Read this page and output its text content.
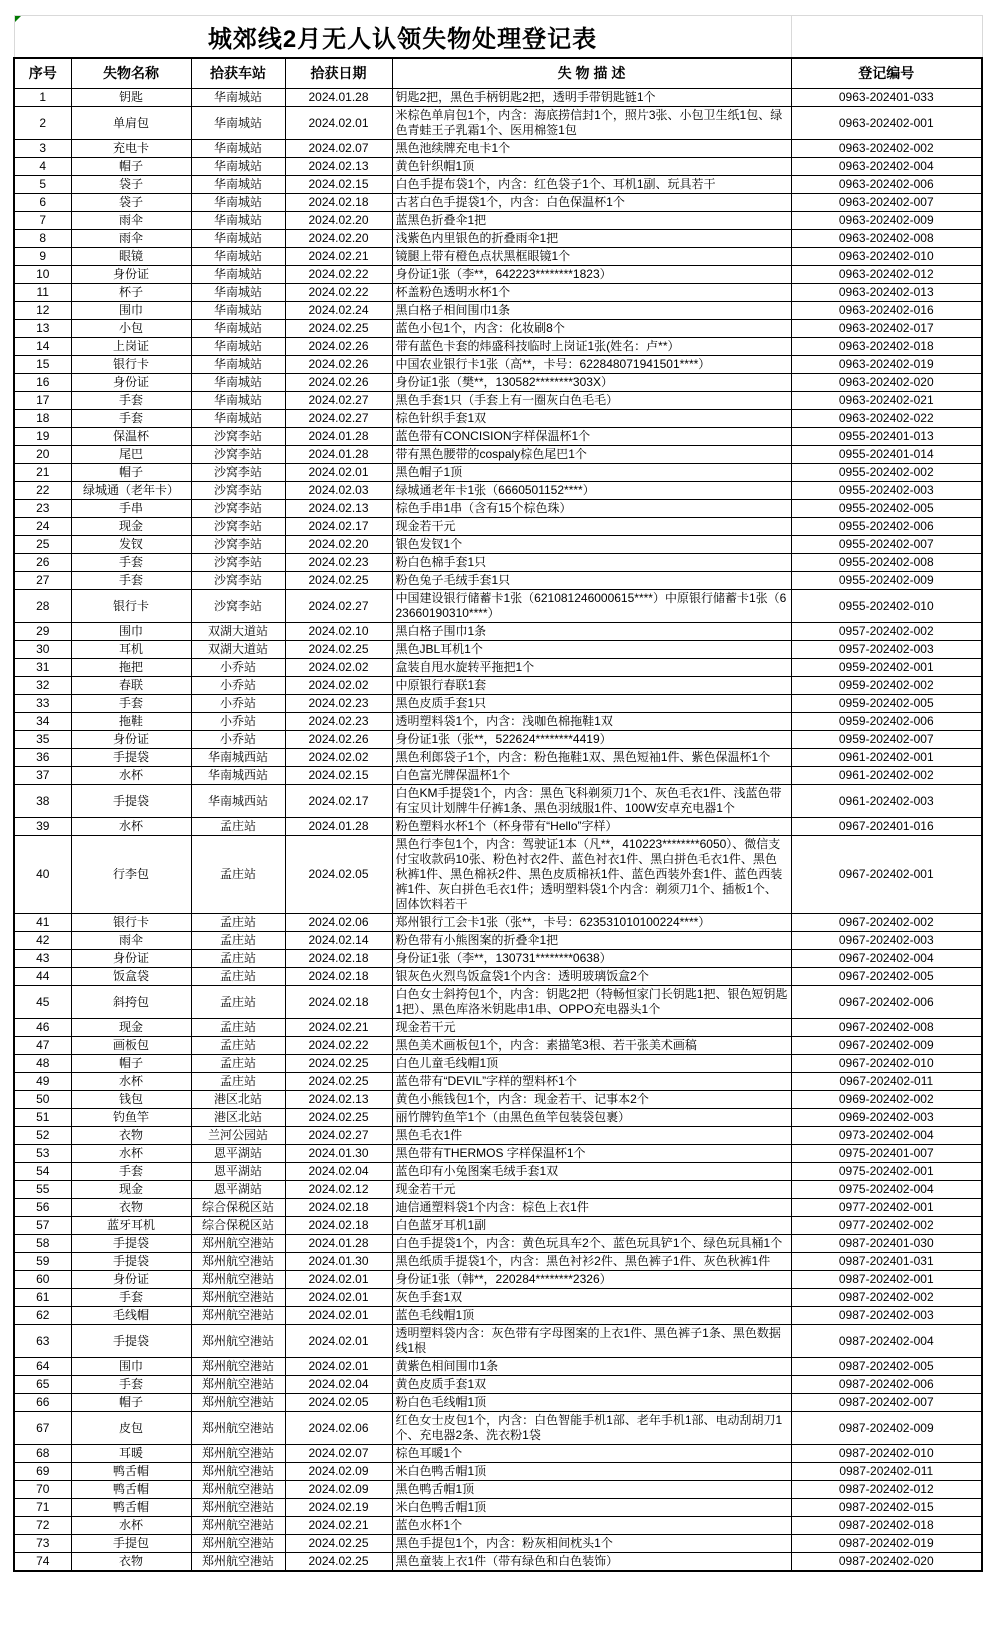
城郊线2月无人认领失物处理登记表					
序号	失物名称	拾获车站	拾获日期	失 物 描 述	登记编号
1	钥匙	华南城站	2024.01.28	钥匙2把，黑色手柄钥匙2把，透明手带钥匙链1个	0963-202401-033
2	单肩包	华南城站	2024.02.01	米棕色单肩包1个，内含：海底捞信封1个，照片3张、小包卫生纸1包、绿色青蛙王子乳霜1个、医用棉签1包	0963-202402-001
3	充电卡	华南城站	2024.02.07	黑色池续牌充电卡1个	0963-202402-002
4	帽子	华南城站	2024.02.13	黄色针织帽1顶	0963-202402-004
5	袋子	华南城站	2024.02.15	白色手提布袋1个，内含：红色袋子1个、耳机1副、玩具若干	0963-202402-006
6	袋子	华南城站	2024.02.18	古茗白色手提袋1个，内含：白色保温杯1个	0963-202402-007
7	雨伞	华南城站	2024.02.20	蓝黑色折叠伞1把	0963-202402-009
8	雨伞	华南城站	2024.02.20	浅紫色内里银色的折叠雨伞1把	0963-202402-008
9	眼镜	华南城站	2024.02.21	镜腿上带有橙色点状黑框眼镜1个	0963-202402-010
10	身份证	华南城站	2024.02.22	身份证1张（李**，642223********1823）	0963-202402-012
11	杯子	华南城站	2024.02.22	杯盖粉色透明水杯1个	0963-202402-013
12	围巾	华南城站	2024.02.24	黑白格子相间围巾1条	0963-202402-016
13	小包	华南城站	2024.02.25	蓝色小包1个，内含：化妆刷8个	0963-202402-017
14	上岗证	华南城站	2024.02.26	带有蓝色卡套的炜盛科技临时上岗证1张(姓名：卢**）	0963-202402-018
15	银行卡	华南城站	2024.02.26	中国农业银行卡1张（高**，卡号：622848071941501****）	0963-202402-019
16	身份证	华南城站	2024.02.26	身份证1张（樊**，130582********303X）	0963-202402-020
17	手套	华南城站	2024.02.27	黑色手套1只（手套上有一圈灰白色毛毛）	0963-202402-021
18	手套	华南城站	2024.02.27	棕色针织手套1双	0963-202402-022
19	保温杯	沙窝李站	2024.01.28	蓝色带有CONCISION字样保温杯1个	0955-202401-013
20	尾巴	沙窝李站	2024.01.28	带有黑色腰带的cospaly棕色尾巴1个	0955-202401-014
21	帽子	沙窝李站	2024.02.01	黑色帽子1顶	0955-202402-002
22	绿城通（老年卡）	沙窝李站	2024.02.03	绿城通老年卡1张（6660501152****）	0955-202402-003
23	手串	沙窝李站	2024.02.13	棕色手串1串（含有15个棕色珠）	0955-202402-005
24	现金	沙窝李站	2024.02.17	现金若干元	0955-202402-006
25	发钗	沙窝李站	2024.02.20	银色发钗1个	0955-202402-007
26	手套	沙窝李站	2024.02.23	粉白色棉手套1只	0955-202402-008
27	手套	沙窝李站	2024.02.25	粉色兔子毛绒手套1只	0955-202402-009
28	银行卡	沙窝李站	2024.02.27	中国建设银行储蓄卡1张（621081246000615****）中原银行储蓄卡1张（623660190310****）	0955-202402-010
29	围巾	双湖大道站	2024.02.10	黑白格子围巾1条	0957-202402-002
30	耳机	双湖大道站	2024.02.25	黑色JBL耳机1个	0957-202402-003
31	拖把	小乔站	2024.02.02	盒装自甩水旋转平拖把1个	0959-202402-001
32	春联	小乔站	2024.02.02	中原银行春联1套	0959-202402-002
33	手套	小乔站	2024.02.23	黑色皮质手套1只	0959-202402-005
34	拖鞋	小乔站	2024.02.23	透明塑料袋1个，内含：浅咖色棉拖鞋1双	0959-202402-006
35	身份证	小乔站	2024.02.26	身份证1张（张**，522624********4419）	0959-202402-007
36	手提袋	华南城西站	2024.02.02	黑色利郎袋子1个，内含：粉色拖鞋1双、黑色短袖1件、紫色保温杯1个	0961-202402-001
37	水杯	华南城西站	2024.02.15	白色富光牌保温杯1个	0961-202402-002
38	手提袋	华南城西站	2024.02.17	白色KM手提袋1个，内含：黑色飞科剃须刀1个、灰色毛衣1件、浅蓝色带有宝贝计划牌牛仔裤1条、黑色羽绒服1件、100W安卓充电器1个	0961-202402-003
39	水杯	孟庄站	2024.01.28	粉色塑料水杯1个（杯身带有“Hello”字样）	0967-202401-016
40	行李包	孟庄站	2024.02.05	黑色行李包1个，内含：驾驶证1本（凡**，410223********6050）、微信支付宝收款码10张、粉色衬衣2件、蓝色衬衣1件、黑白拼色毛衣1件、黑色秋裤1件、黑色棉袄2件、黑色皮质棉袄1件、蓝色西装外套1件、蓝色西装裤1件、灰白拼色毛衣1件；透明塑料袋1个内含：剃须刀1个、插板1个、固体饮料若干	0967-202402-001
41	银行卡	孟庄站	2024.02.06	郑州银行工会卡1张（张**，卡号：623531010100224****）	0967-202402-002
42	雨伞	孟庄站	2024.02.14	粉色带有小熊图案的折叠伞1把	0967-202402-003
43	身份证	孟庄站	2024.02.18	身份证1张（李**，130731********0638）	0967-202402-004
44	饭盒袋	孟庄站	2024.02.18	银灰色火烈鸟饭盒袋1个内含：透明玻璃饭盒2个	0967-202402-005
45	斜挎包	孟庄站	2024.02.18	白色女士斜挎包1个，内含：钥匙2把（特畅恒家门长钥匙1把、银色短钥匙1把）、黑色库洛米钥匙串1串、OPPO充电器头1个	0967-202402-006
46	现金	孟庄站	2024.02.21	现金若干元	0967-202402-008
47	画板包	孟庄站	2024.02.22	黑色美术画板包1个，内含：素描笔3根、若干张美术画稿	0967-202402-009
48	帽子	孟庄站	2024.02.25	白色儿童毛线帽1顶	0967-202402-010
49	水杯	孟庄站	2024.02.25	蓝色带有“DEVIL”字样的塑料杯1个	0967-202402-011
50	钱包	港区北站	2024.02.13	黄色小熊钱包1个，内含：现金若干、记事本2个	0969-202402-002
51	钓鱼竿	港区北站	2024.02.25	丽竹牌钓鱼竿1个（由黑色鱼竿包装袋包裹）	0969-202402-003
52	衣物	兰河公园站	2024.02.27	黑色毛衣1件	0973-202402-004
53	水杯	恩平湖站	2024.01.30	黑色带有THERMOS 字样保温杯1个	0975-202401-007
54	手套	恩平湖站	2024.02.04	蓝色印有小兔图案毛绒手套1双	0975-202402-001
55	现金	恩平湖站	2024.02.12	现金若干元	0975-202402-004
56	衣物	综合保税区站	2024.02.18	迪信通塑料袋1个内含：棕色上衣1件	0977-202402-001
57	蓝牙耳机	综合保税区站	2024.02.18	白色蓝牙耳机1副	0977-202402-002
58	手提袋	郑州航空港站	2024.01.28	白色手提袋1个，内含：黄色玩具车2个、蓝色玩具铲1个、绿色玩具桶1个	0987-202401-030
59	手提袋	郑州航空港站	2024.01.30	黑色纸质手提袋1个，内含：黑色衬衫2件、黑色裤子1件、灰色秋裤1件	0987-202401-031
60	身份证	郑州航空港站	2024.02.01	身份证1张（韩**，220284********2326）	0987-202402-001
61	手套	郑州航空港站	2024.02.01	灰色手套1双	0987-202402-002
62	毛线帽	郑州航空港站	2024.02.01	蓝色毛线帽1顶	0987-202402-003
63	手提袋	郑州航空港站	2024.02.01	透明塑料袋内含：灰色带有字母图案的上衣1件、黑色裤子1条、黑色数据线1根	0987-202402-004
64	围巾	郑州航空港站	2024.02.01	黄紫色相间围巾1条	0987-202402-005
65	手套	郑州航空港站	2024.02.04	黄色皮质手套1双	0987-202402-006
66	帽子	郑州航空港站	2024.02.05	粉白色毛线帽1顶	0987-202402-007
67	皮包	郑州航空港站	2024.02.06	红色女士皮包1个，内含：白色智能手机1部、老年手机1部、电动刮胡刀1个、充电器2条、洗衣粉1袋	0987-202402-009
68	耳暖	郑州航空港站	2024.02.07	棕色耳暖1个	0987-202402-010
69	鸭舌帽	郑州航空港站	2024.02.09	米白色鸭舌帽1顶	0987-202402-011
70	鸭舌帽	郑州航空港站	2024.02.09	黑色鸭舌帽1顶	0987-202402-012
71	鸭舌帽	郑州航空港站	2024.02.19	米白色鸭舌帽1顶	0987-202402-015
72	水杯	郑州航空港站	2024.02.21	蓝色水杯1个	0987-202402-018
73	手提包	郑州航空港站	2024.02.25	黑色手提包1个，内含：粉灰相间枕头1个	0987-202402-019
74	衣物	郑州航空港站	2024.02.25	黑色童装上衣1件（带有绿色和白色装饰）	0987-202402-020
